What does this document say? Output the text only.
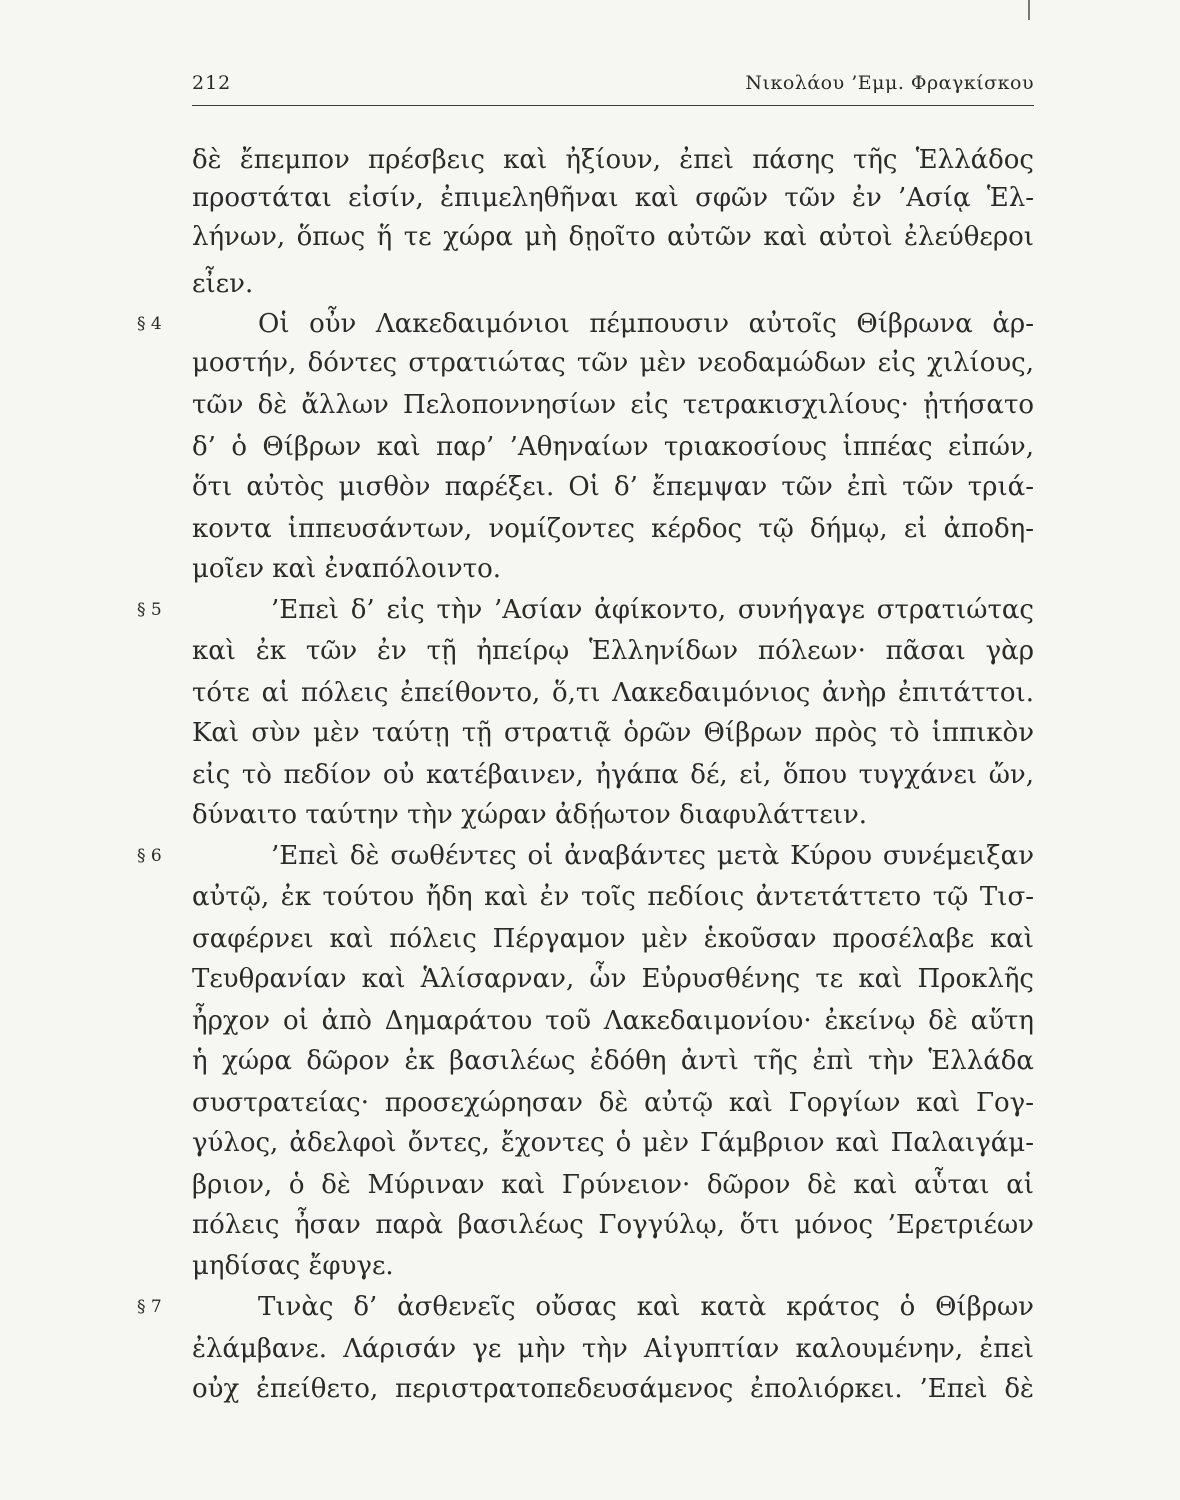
212	Νικολάου ’Εμμ. Φραγκίσκου
δὲ ἔπεμπον πρέσβεις καὶ ἠξίουν, ἐπεὶ πάσης τῆς Ἑλλάδος
προστάται εἰσίν, ἐπιμεληθῆναι καὶ σφῶν τῶν ἐν ’Ασίᾳ Ἑλ-
λήνων, ὅπως ἥ τε χώρα μὴ δῃοῖτο αὐτῶν καὶ αὐτοὶ ἐλεύθεροι
εἶεν.
§ 4	Οἱ οὖν Λακεδαιμόνιοι πέμπουσιν αὐτοῖς Θίβρωνα ἁρ-
μοστήν, δόντες στρατιώτας τῶν μὲν νεοδαμώδων εἰς χιλίους,
τῶν δὲ ἄλλων Πελοποννησίων εἰς τετρακισχιλίους· ᾐτήσατο
δ’ ὁ Θίβρων καὶ παρ’ ’Αθηναίων τριακοσίους ἱππέας εἰπών,
ὅτι αὐτὸς μισθὸν παρέξει. Οἱ δ’ ἔπεμψαν τῶν ἐπὶ τῶν τριά-
κοντα ἱππευσάντων, νομίζοντες κέρδος τῷ δήμῳ, εἰ ἀποδη-
μοῖεν καὶ ἐναπόλοιντο.
§ 5	’Επεὶ δ’ εἰς τὴν ’Ασίαν ἀφίκοντο, συνήγαγε στρατιώτας
καὶ ἐκ τῶν ἐν τῇ ἠπείρῳ Ἑλληνίδων πόλεων· πᾶσαι γὰρ
τότε αἱ πόλεις ἐπείθοντο, ὅ,τι Λακεδαιμόνιος ἀνὴρ ἐπιτάττοι.
Καὶ σὺν μὲν ταύτῃ τῇ στρατιᾷ ὁρῶν Θίβρων πρὸς τὸ ἱππικὸν
εἰς τὸ πεδίον οὐ κατέβαινεν, ἠγάπα δέ, εἰ, ὅπου τυγχάνει ὤν,
δύναιτο ταύτην τὴν χώραν ἀδῄωτον διαφυλάττειν.
§ 6	’Επεὶ δὲ σωθέντες οἱ ἀναβάντες μετὰ Κύρου συνέμειξαν
αὐτῷ, ἐκ τούτου ἤδη καὶ ἐν τοῖς πεδίοις ἀντετάττετο τῷ Τισ-
σαφέρνει καὶ πόλεις Πέργαμον μὲν ἑκοῦσαν προσέλαβε καὶ
Τευθρανίαν καὶ Ἁλίσαρναν, ὧν Εὐρυσθένης τε καὶ Προκλῆς
ἦρχον οἱ ἀπὸ Δημαράτου τοῦ Λακεδαιμονίου· ἐκείνῳ δὲ αὕτη
ἡ χώρα δῶρον ἐκ βασιλέως ἐδόθη ἀντὶ τῆς ἐπὶ τὴν Ἑλλάδα
συστρατείας· προσεχώρησαν δὲ αὐτῷ καὶ Γοργίων καὶ Γογ-
γύλος, ἀδελφοὶ ὄντες, ἔχοντες ὁ μὲν Γάμβριον καὶ Παλαιγάμ-
βριον, ὁ δὲ Μύριναν καὶ Γρύνειον· δῶρον δὲ καὶ αὗται αἱ
πόλεις ἦσαν παρὰ βασιλέως Γογγύλῳ, ὅτι μόνος ’Ερετριέων
μηδίσας ἔφυγε.
§ 7	Τινὰς δ’ ἀσθενεῖς οὔσας καὶ κατὰ κράτος ὁ Θίβρων
ἐλάμβανε. Λάρισάν γε μὴν τὴν Αἰγυπτίαν καλουμένην, ἐπεὶ
οὐχ ἐπείθετο, περιστρατοπεδευσάμενος ἐπολιόρκει. ’Επεὶ δὲ
